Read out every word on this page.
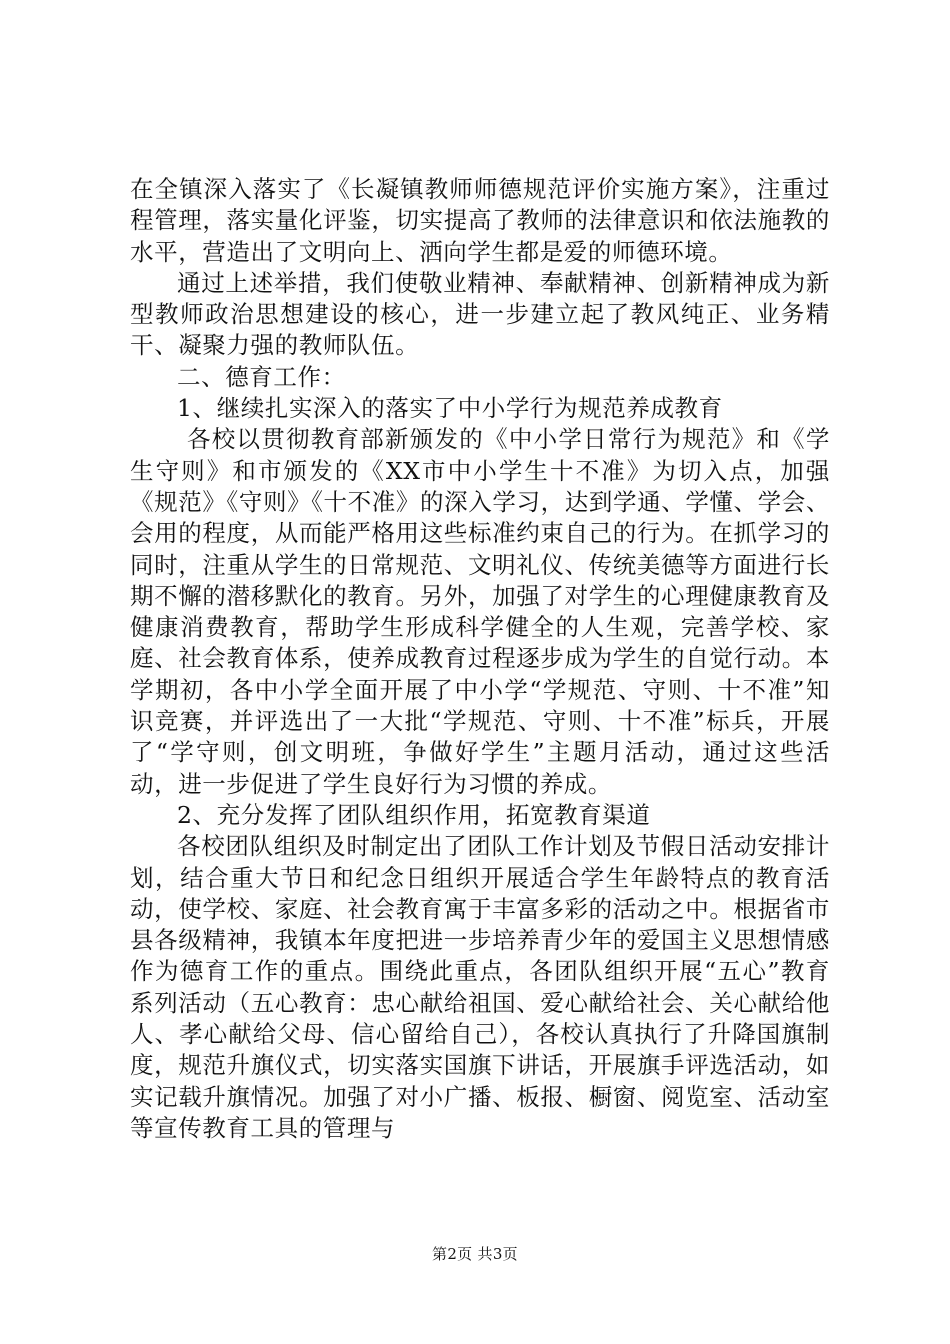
在全镇深入落实了《长凝镇教师师德规范评价实施方案》，注重过程管理，落实量化评鉴，切实提高了教师的法律意识和依法施教的水平，营造出了文明向上、洒向学生都是爱的师德环境。

通过上述举措，我们使敬业精神、奉献精神、创新精神成为新型教师政治思想建设的核心，进一步建立起了教风纯正、业务精干、凝聚力强的教师队伍。

二、德育工作：

1、继续扎实深入的落实了中小学行为规范养成教育

各校以贯彻教育部新颁发的《中小学日常行为规范》和《学生守则》和市颁发的《XX市中小学生十不准》为切入点，加强《规范》《守则》《十不准》的深入学习，达到学通、学懂、学会、会用的程度，从而能严格用这些标准约束自己的行为。在抓学习的同时，注重从学生的日常规范、文明礼仪、传统美德等方面进行长期不懈的潜移默化的教育。另外，加强了对学生的心理健康教育及健康消费教育，帮助学生形成科学健全的人生观，完善学校、家庭、社会教育体系，使养成教育过程逐步成为学生的自觉行动。本学期初，各中小学全面开展了中小学“学规范、守则、十不准”知识竞赛，并评选出了一大批“学规范、守则、十不准”标兵，开展了“学守则，创文明班，争做好学生”主题月活动，通过这些活动，进一步促进了学生良好行为习惯的养成。

2、充分发挥了团队组织作用，拓宽教育渠道

各校团队组织及时制定出了团队工作计划及节假日活动安排计划，结合重大节日和纪念日组织开展适合学生年龄特点的教育活动，使学校、家庭、社会教育寓于丰富多彩的活动之中。根据省市县各级精神，我镇本年度把进一步培养青少年的爱国主义思想情感作为德育工作的重点。围绕此重点，各团队组织开展“五心”教育系列活动（五心教育：忠心献给祖国、爱心献给社会、关心献给他人、孝心献给父母、信心留给自己），各校认真执行了升降国旗制度，规范升旗仪式，切实落实国旗下讲话，开展旗手评选活动，如实记载升旗情况。加强了对小广播、板报、橱窗、阅览室、活动室等宣传教育工具的管理与

第2页 共3页
